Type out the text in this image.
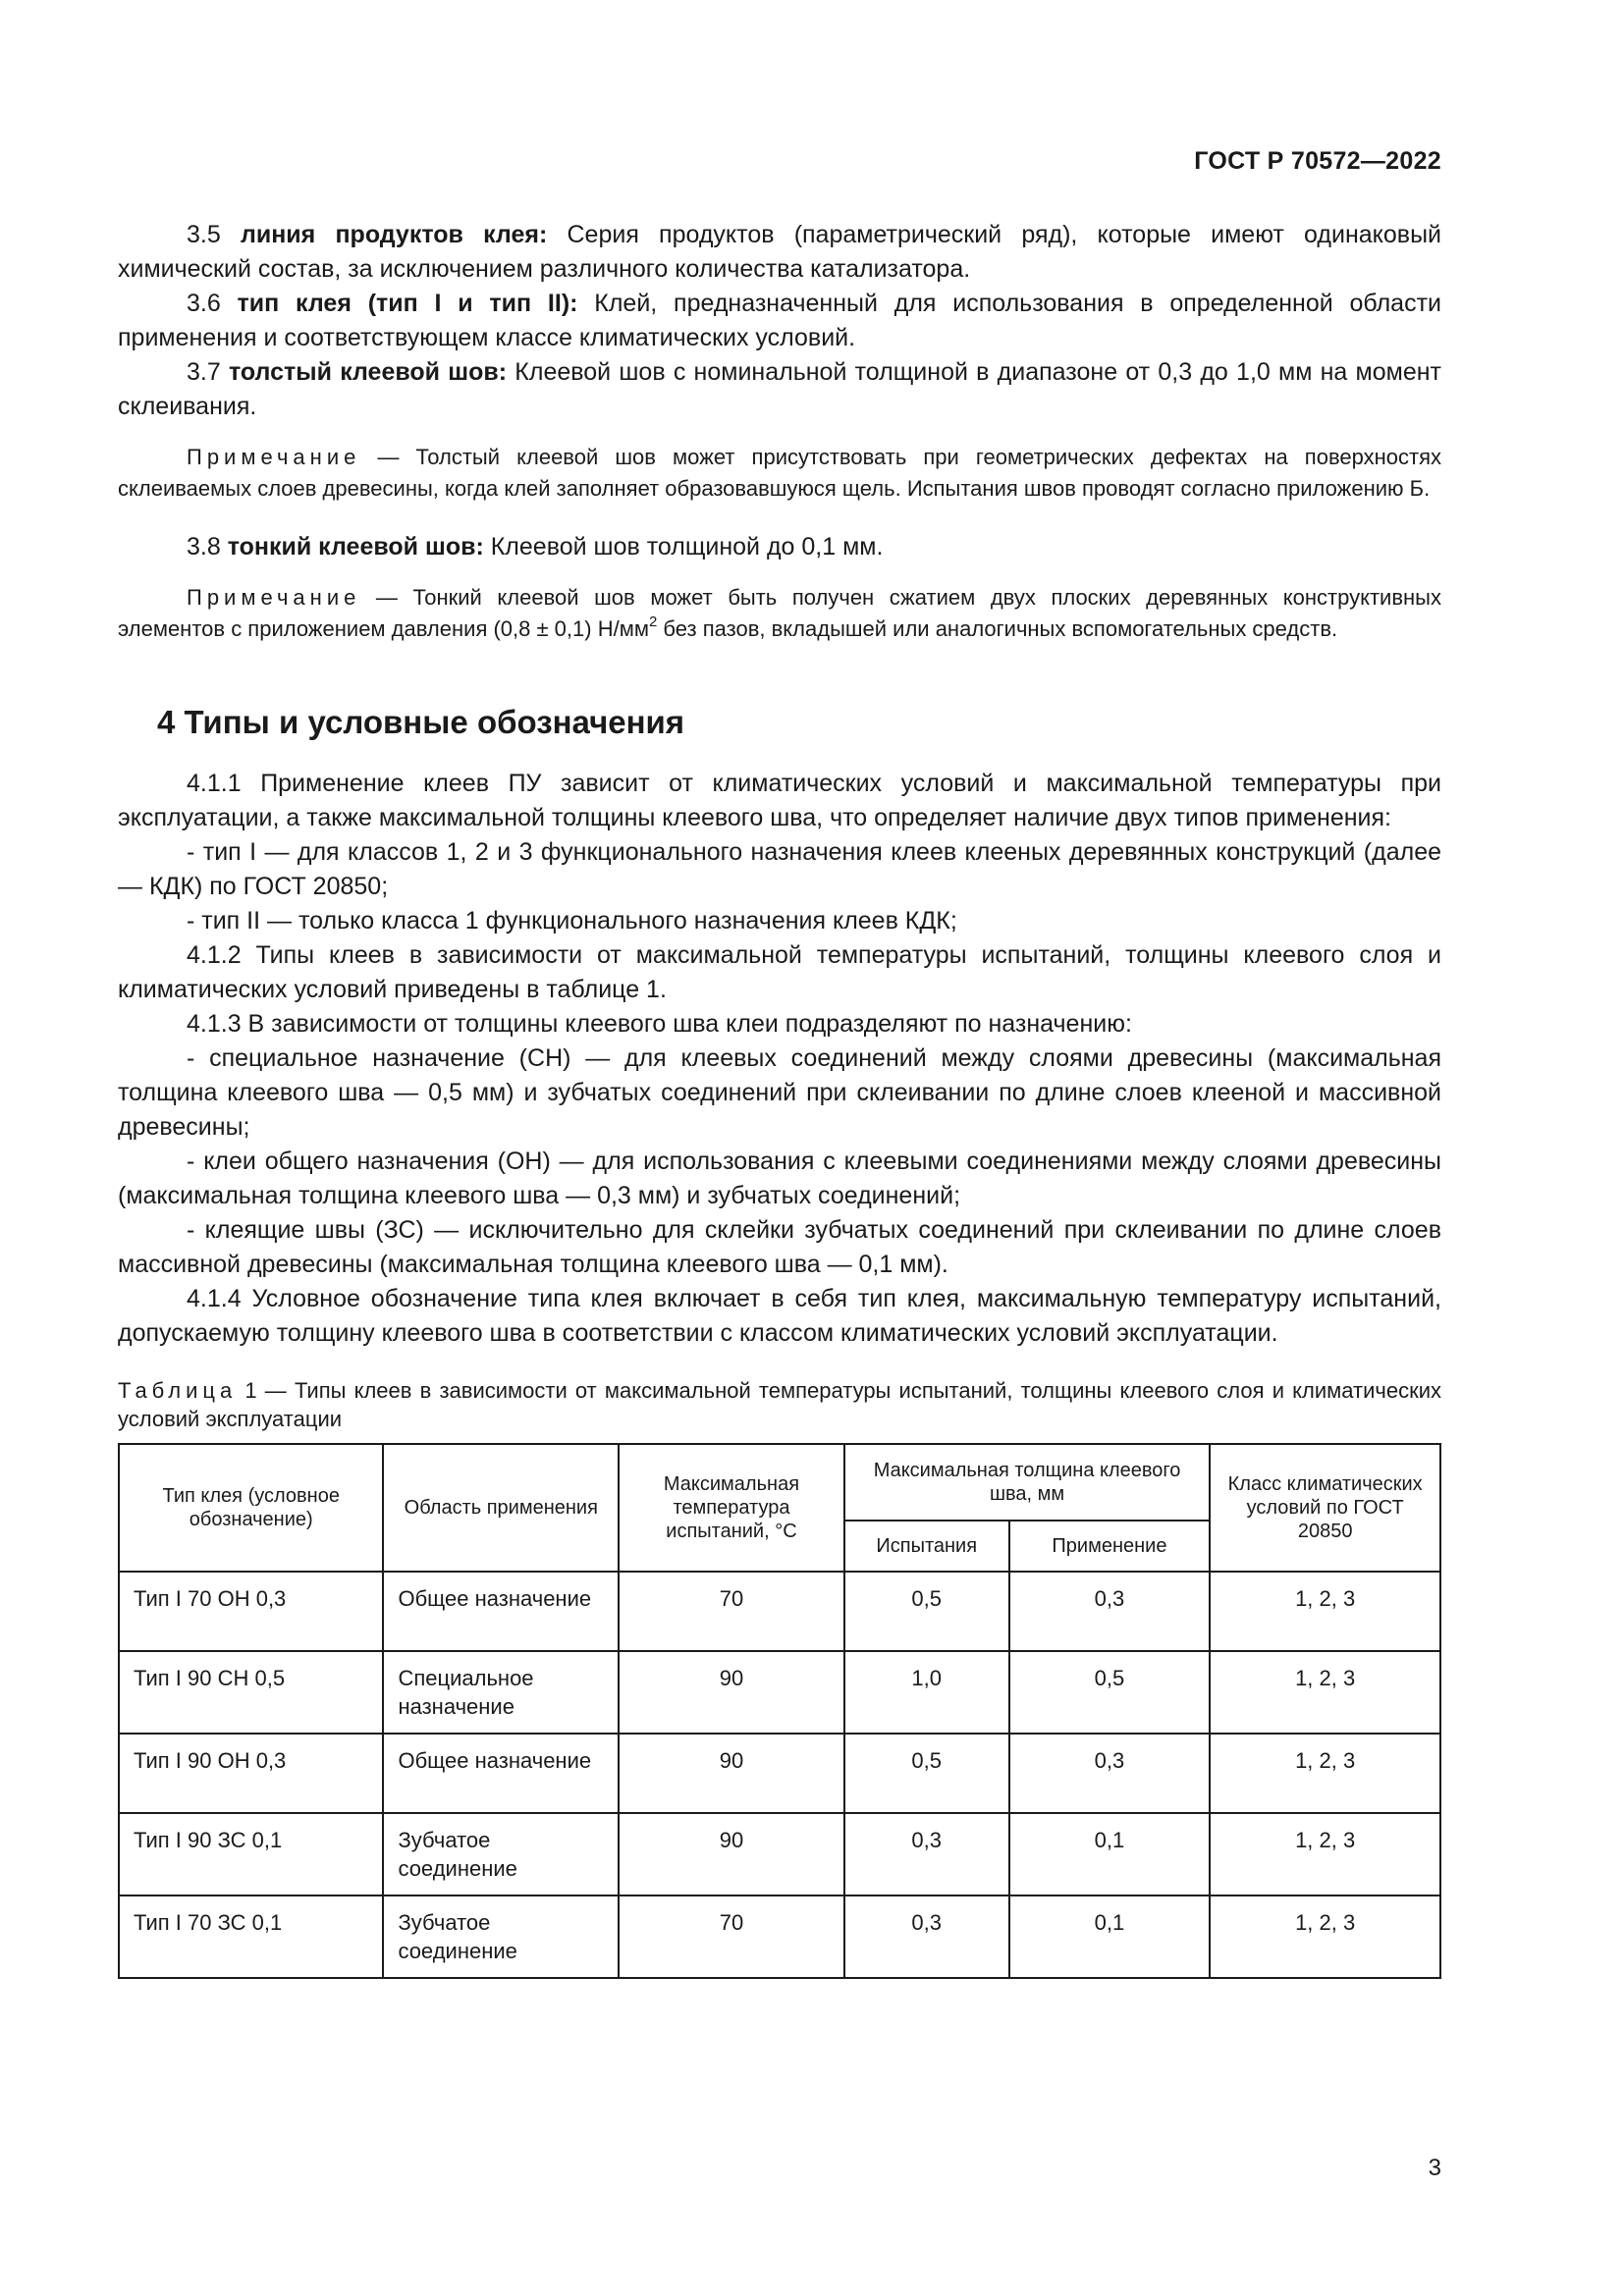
ГОСТ Р 70572—2022

3.5 линия продуктов клея: Серия продуктов (параметрический ряд), которые имеют одинаковый химический состав, за исключением различного количества катализатора.

3.6 тип клея (тип I и тип II): Клей, предназначенный для использования в определенной области применения и соответствующем классе климатических условий.

3.7 толстый клеевой шов: Клеевой шов с номинальной толщиной в диапазоне от 0,3 до 1,0 мм на момент склеивания.

Примечание — Толстый клеевой шов может присутствовать при геометрических дефектах на поверхностях склеиваемых слоев древесины, когда клей заполняет образовавшуюся щель. Испытания швов проводят согласно приложению Б.

3.8 тонкий клеевой шов: Клеевой шов толщиной до 0,1 мм.

Примечание — Тонкий клеевой шов может быть получен сжатием двух плоских деревянных конструктивных элементов с приложением давления (0,8 ± 0,1) $Н/мм^2$ без пазов, вкладышей или аналогичных вспомогательных средств.

4 Типы и условные обозначения

4.1.1 Применение клеев ПУ зависит от климатических условий и максимальной температуры при эксплуатации, а также максимальной толщины клеевого шва, что определяет наличие двух типов применения:

- тип I — для классов 1, 2 и 3 функционального назначения клеев клееных деревянных конструкций (далее — КДК) по ГОСТ 20850;

- тип II — только класса 1 функционального назначения клеев КДК;

4.1.2 Типы клеев в зависимости от максимальной температуры испытаний, толщины клеевого слоя и климатических условий приведены в таблице 1.

4.1.3 В зависимости от толщины клеевого шва клеи подразделяют по назначению:

- специальное назначение (СН) — для клеевых соединений между слоями древесины (максимальная толщина клеевого шва — 0,5 мм) и зубчатых соединений при склеивании по длине слоев клееной и массивной древесины;

- клеи общего назначения (ОН) — для использования с клеевыми соединениями между слоями древесины (максимальная толщина клеевого шва — 0,3 мм) и зубчатых соединений;

- клеящие швы (ЗС) — исключительно для склейки зубчатых соединений при склеивании по длине слоев массивной древесины (максимальная толщина клеевого шва — 0,1 мм).

4.1.4 Условное обозначение типа клея включает в себя тип клея, максимальную температуру испытаний, допускаемую толщину клеевого шва в соответствии с классом климатических условий эксплуатации.

Таблица 1 — Типы клеев в зависимости от максимальной температуры испытаний, толщины клеевого слоя и климатических условий эксплуатации

Тип клея (условное обозначение)	Область применения	Максимальная температура испытаний, °С	Максимальная толщина клеевого шва, мм		Класс климатических условий по ГОСТ 20850
			Испытания	Применение	
Тип I 70 ОН 0,3	Общее назначение	70	0,5	0,3	1, 2, 3
Тип I 90 СН 0,5	Специальное назначение	90	1,0	0,5	1, 2, 3
Тип I 90 ОН 0,3	Общее назначение	90	0,5	0,3	1, 2, 3
Тип I 90 ЗС 0,1	Зубчатое соединение	90	0,3	0,1	1, 2, 3
Тип I 70 ЗС 0,1	Зубчатое соединение	70	0,3	0,1	1, 2, 3
3
